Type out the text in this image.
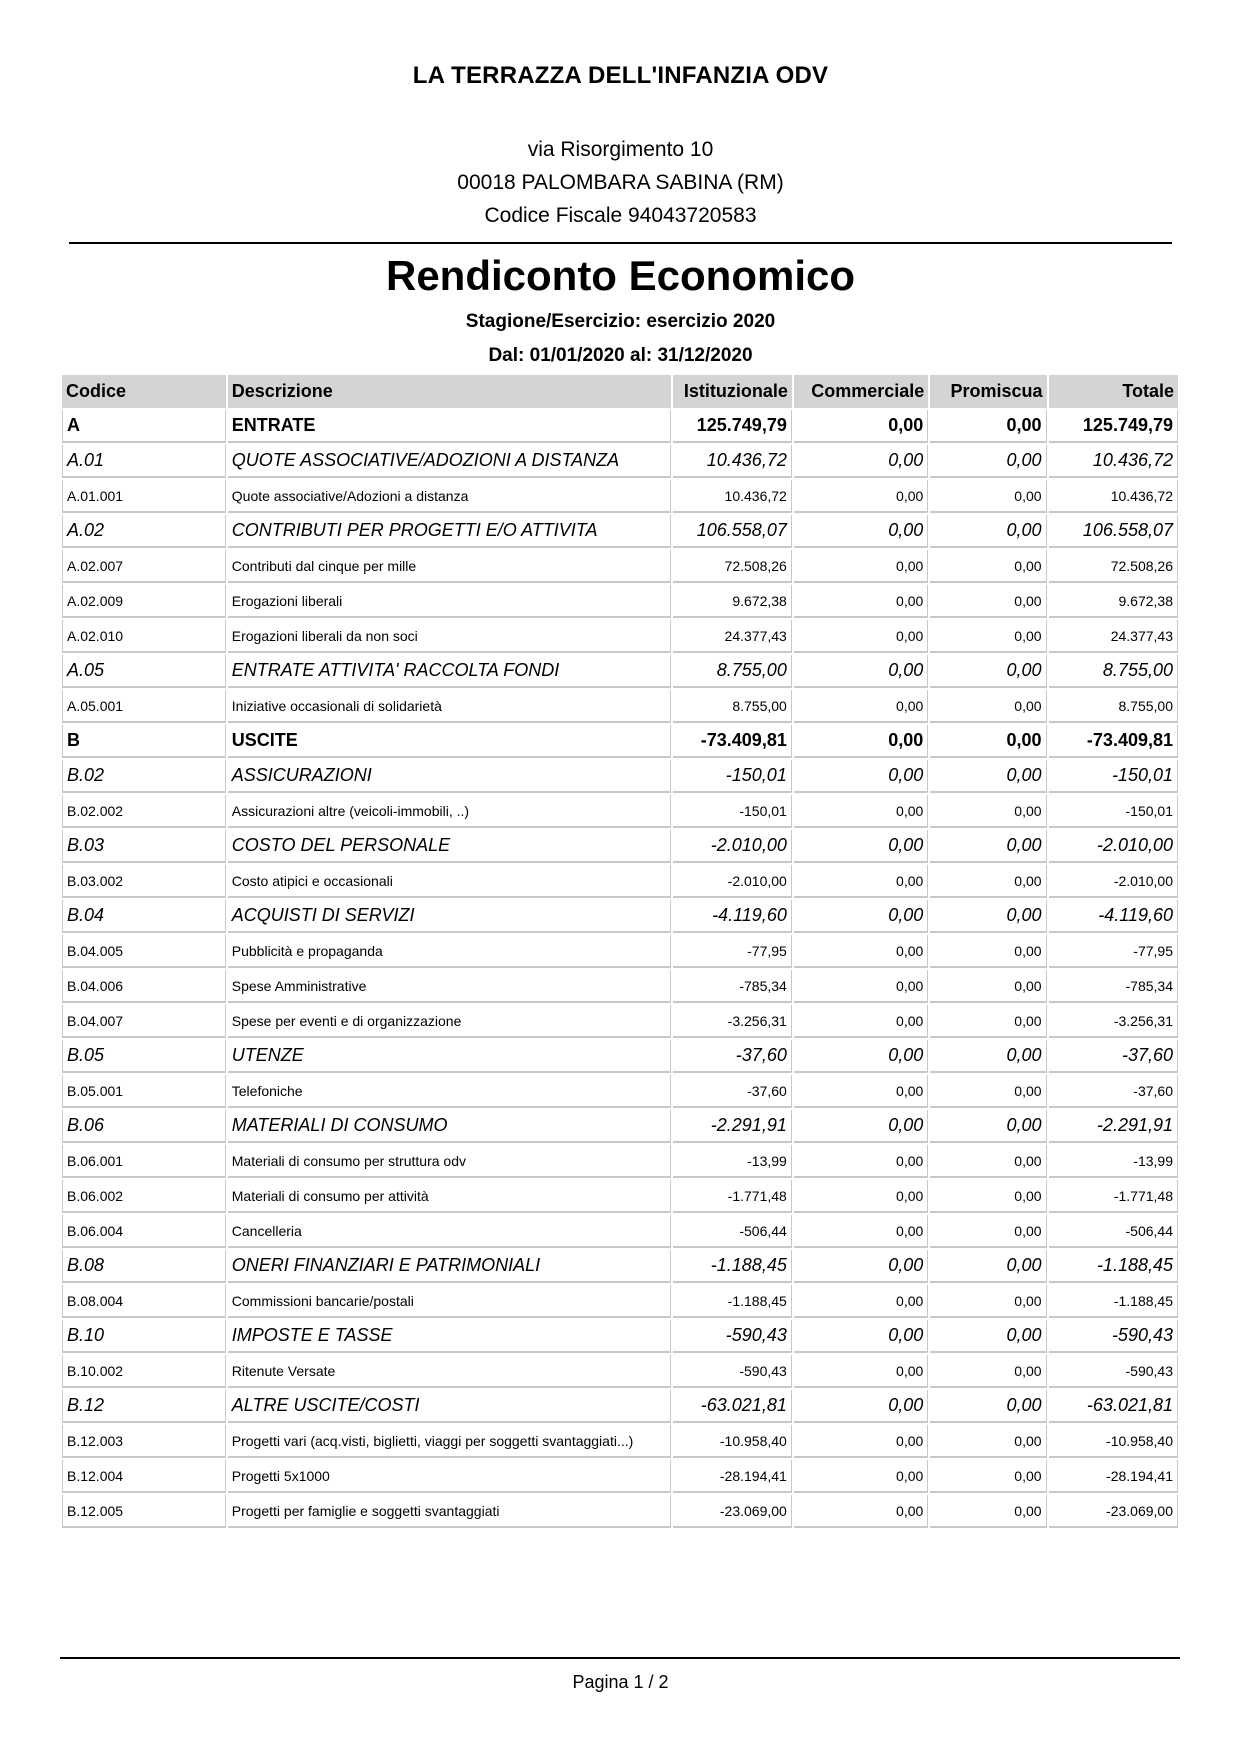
LA TERRAZZA DELL'INFANZIA ODV
via Risorgimento 10
00018 PALOMBARA SABINA (RM)
Codice Fiscale 94043720583
Rendiconto Economico
Stagione/Esercizio: esercizio 2020
Dal: 01/01/2020 al: 31/12/2020
Codice	Descrizione	Istituzionale	Commerciale	Promiscua	Totale
A	ENTRATE	125.749,79	0,00	0,00	125.749,79
A.01	QUOTE ASSOCIATIVE/ADOZIONI A DISTANZA	10.436,72	0,00	0,00	10.436,72
A.01.001	Quote associative/Adozioni a distanza	10.436,72	0,00	0,00	10.436,72
A.02	CONTRIBUTI PER PROGETTI E/O ATTIVITA	106.558,07	0,00	0,00	106.558,07
A.02.007	Contributi dal cinque per mille	72.508,26	0,00	0,00	72.508,26
A.02.009	Erogazioni liberali	9.672,38	0,00	0,00	9.672,38
A.02.010	Erogazioni liberali da non soci	24.377,43	0,00	0,00	24.377,43
A.05	ENTRATE ATTIVITA' RACCOLTA FONDI	8.755,00	0,00	0,00	8.755,00
A.05.001	Iniziative occasionali di solidarietà	8.755,00	0,00	0,00	8.755,00
B	USCITE	-73.409,81	0,00	0,00	-73.409,81
B.02	ASSICURAZIONI	-150,01	0,00	0,00	-150,01
B.02.002	Assicurazioni altre (veicoli-immobili, ..)	-150,01	0,00	0,00	-150,01
B.03	COSTO DEL PERSONALE	-2.010,00	0,00	0,00	-2.010,00
B.03.002	Costo atipici e occasionali	-2.010,00	0,00	0,00	-2.010,00
B.04	ACQUISTI DI SERVIZI	-4.119,60	0,00	0,00	-4.119,60
B.04.005	Pubblicità e propaganda	-77,95	0,00	0,00	-77,95
B.04.006	Spese Amministrative	-785,34	0,00	0,00	-785,34
B.04.007	Spese per eventi e di organizzazione	-3.256,31	0,00	0,00	-3.256,31
B.05	UTENZE	-37,60	0,00	0,00	-37,60
B.05.001	Telefoniche	-37,60	0,00	0,00	-37,60
B.06	MATERIALI DI CONSUMO	-2.291,91	0,00	0,00	-2.291,91
B.06.001	Materiali di consumo per struttura odv	-13,99	0,00	0,00	-13,99
B.06.002	Materiali di consumo per attività	-1.771,48	0,00	0,00	-1.771,48
B.06.004	Cancelleria	-506,44	0,00	0,00	-506,44
B.08	ONERI FINANZIARI E PATRIMONIALI	-1.188,45	0,00	0,00	-1.188,45
B.08.004	Commissioni bancarie/postali	-1.188,45	0,00	0,00	-1.188,45
B.10	IMPOSTE E TASSE	-590,43	0,00	0,00	-590,43
B.10.002	Ritenute Versate	-590,43	0,00	0,00	-590,43
B.12	ALTRE USCITE/COSTI	-63.021,81	0,00	0,00	-63.021,81
B.12.003	Progetti vari (acq.visti, biglietti, viaggi per soggetti svantaggiati...)	-10.958,40	0,00	0,00	-10.958,40
B.12.004	Progetti 5x1000	-28.194,41	0,00	0,00	-28.194,41
B.12.005	Progetti per famiglie e soggetti svantaggiati	-23.069,00	0,00	0,00	-23.069,00
Pagina 1 / 2
